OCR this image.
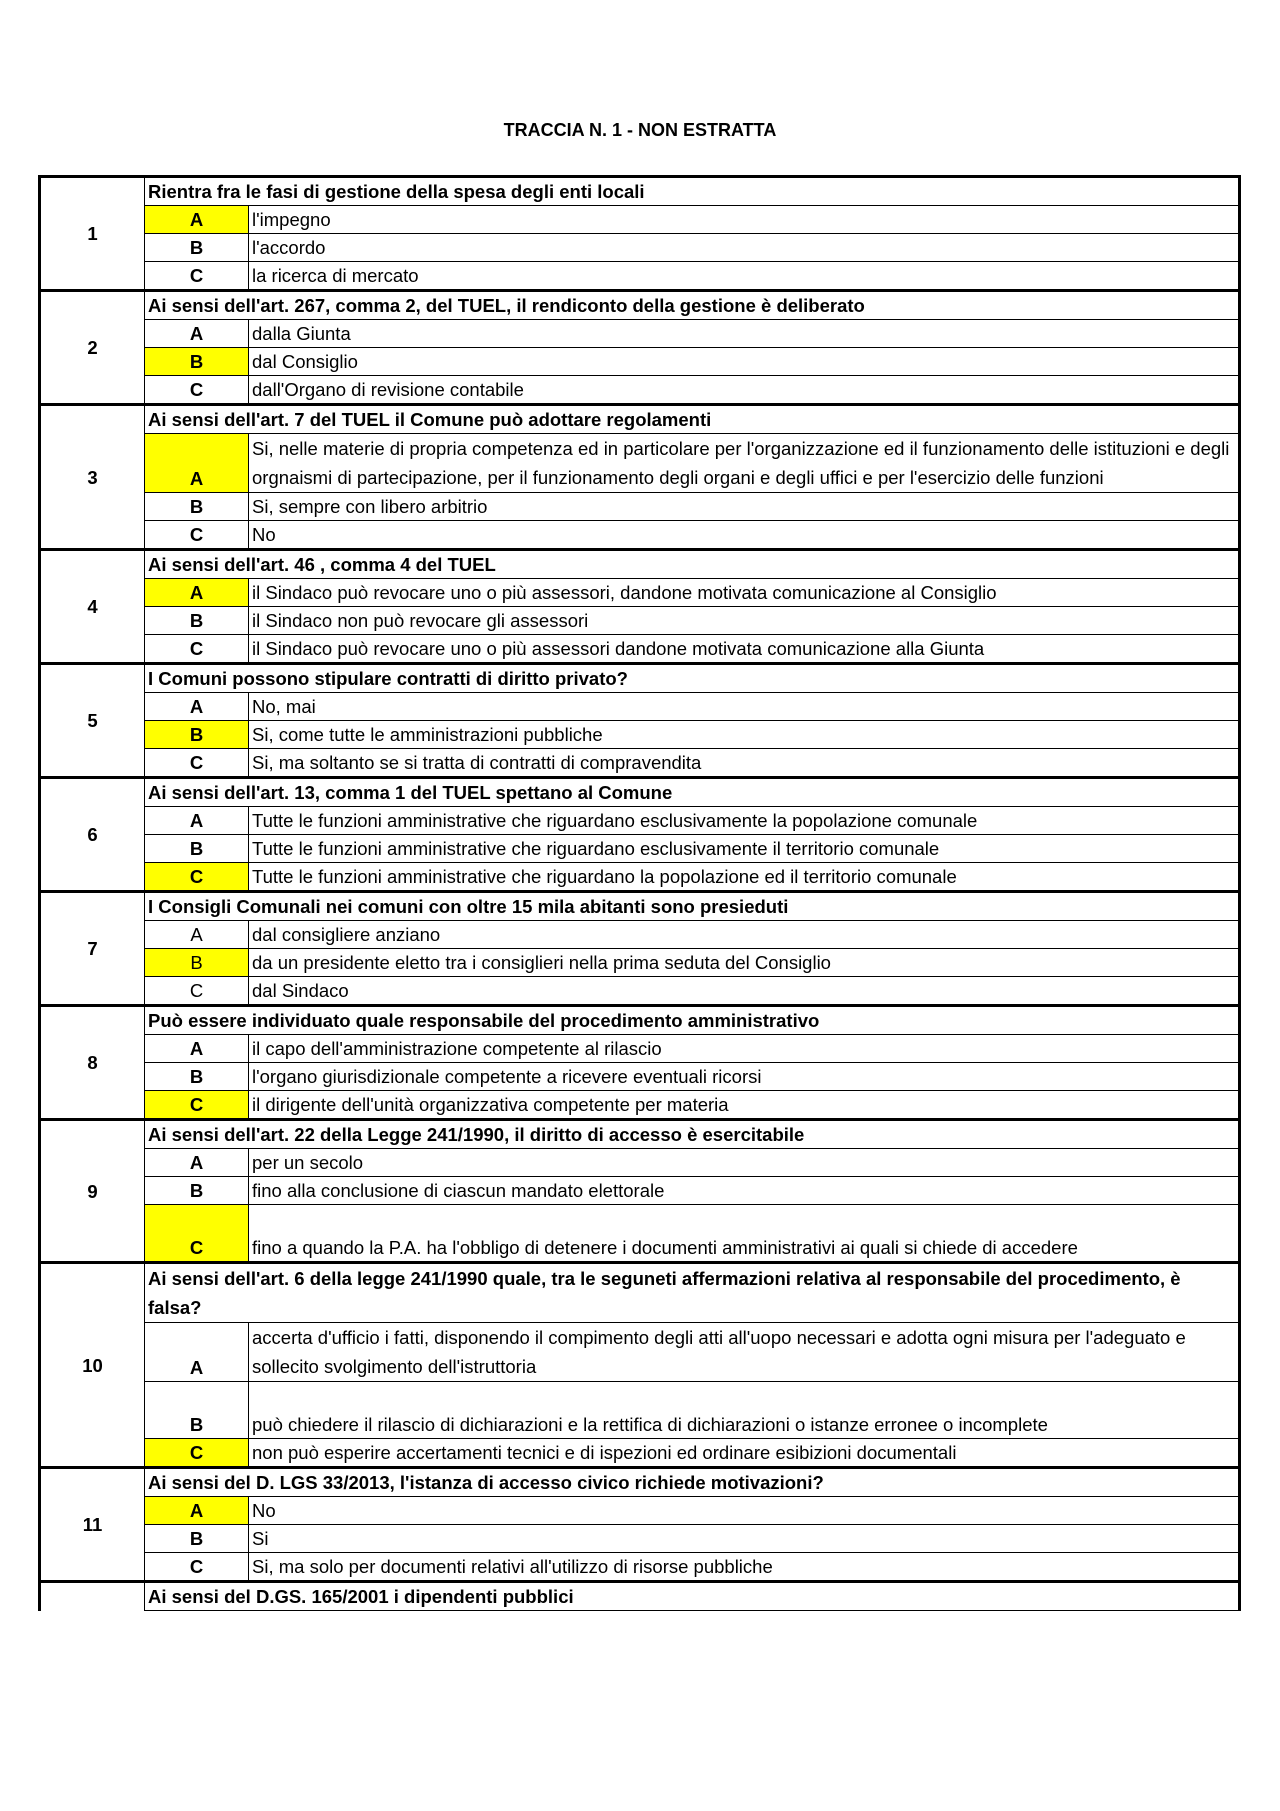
TRACCIA N. 1 - NON ESTRATTA
1	Rientra fra le fasi di gestione della spesa degli enti locali	
	A	l'impegno
	B	l'accordo
	C	la ricerca di mercato
2	Ai sensi dell'art. 267, comma 2, del TUEL, il rendiconto della gestione è deliberato	
	A	dalla Giunta
	B	dal Consiglio
	C	dall'Organo di revisione contabile
3	Ai sensi dell'art. 7 del TUEL il Comune può adottare regolamenti	
	A	Si, nelle materie di propria competenza ed in particolare per l'organizzazione ed il funzionamento delle istituzioni e degli orgnaismi di partecipazione, per il funzionamento degli organi e degli uffici e per l'esercizio delle funzioni
	B	Si, sempre con libero arbitrio
	C	No
4	Ai sensi dell'art. 46 , comma 4 del TUEL	
	A	il Sindaco può revocare uno o più assessori, dandone motivata comunicazione al Consiglio
	B	il Sindaco non può revocare gli assessori
	C	il Sindaco può revocare uno o più assessori dandone motivata comunicazione alla Giunta
5	I Comuni possono stipulare contratti di diritto privato?	
	A	No, mai
	B	Si, come tutte le amministrazioni pubbliche
	C	Si, ma soltanto se si tratta di contratti di compravendita
6	Ai sensi dell'art. 13, comma 1 del TUEL spettano al Comune	
	A	Tutte le funzioni amministrative che riguardano esclusivamente la popolazione comunale
	B	Tutte le funzioni amministrative che riguardano esclusivamente il territorio comunale
	C	Tutte le funzioni amministrative che riguardano la popolazione ed il territorio comunale
7	I Consigli Comunali nei comuni con oltre 15 mila abitanti sono presieduti	
	A	dal consigliere anziano
	B	da un presidente eletto tra i consiglieri nella prima seduta del Consiglio
	C	dal Sindaco
8	Può essere individuato quale responsabile del procedimento amministrativo	
	A	il capo dell'amministrazione competente al rilascio
	B	l'organo giurisdizionale competente a ricevere eventuali ricorsi
	C	il dirigente dell'unità organizzativa competente per materia
9	Ai sensi dell'art. 22 della Legge 241/1990, il diritto di accesso è esercitabile	
	A	per un secolo
	B	fino alla conclusione di ciascun mandato elettorale
	C	fino a quando la P.A. ha l'obbligo di detenere i documenti amministrativi ai quali si chiede di accedere
10	Ai sensi dell'art. 6 della legge 241/1990 quale, tra le seguneti affermazioni relativa al responsabile del procedimento, è falsa?	
	A	accerta d'ufficio i fatti, disponendo il compimento degli atti all'uopo necessari e adotta ogni misura per l'adeguato e sollecito svolgimento dell'istruttoria
	B	può chiedere il rilascio di dichiarazioni e la rettifica di dichiarazioni o istanze erronee o incomplete
	C	non può esperire accertamenti tecnici e di ispezioni ed ordinare esibizioni documentali
11	Ai sensi del D. LGS 33/2013, l'istanza di accesso civico richiede motivazioni?	
	A	No
	B	Si
	C	Si, ma solo per documenti relativi all'utilizzo di risorse pubbliche
	Ai sensi del D.GS. 165/2001 i dipendenti pubblici	
